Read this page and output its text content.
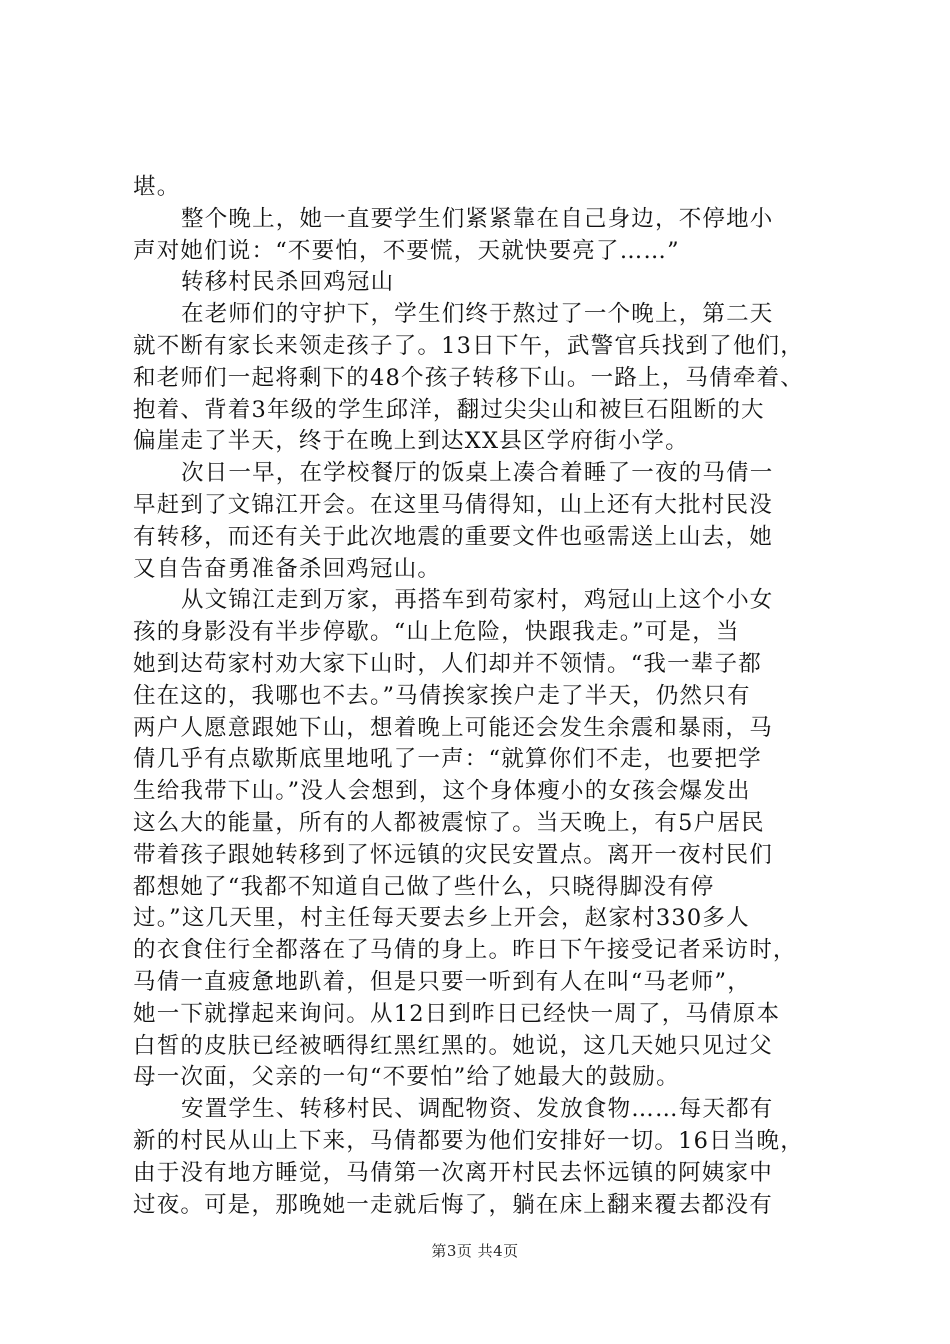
堪。
整个晚上，她一直要学生们紧紧靠在自己身边，不停地小
声对她们说：“不要怕，不要慌，天就快要亮了……”
转移村民杀回鸡冠山
在老师们的守护下，学生们终于熬过了一个晚上，第二天
就不断有家长来领走孩子了。13日下午，武警官兵找到了他们，
和老师们一起将剩下的48个孩子转移下山。一路上，马倩牵着、
抱着、背着3年级的学生邱洋，翻过尖尖山和被巨石阻断的大
偏崖走了半天，终于在晚上到达XX县区学府街小学。
次日一早，在学校餐厅的饭桌上凑合着睡了一夜的马倩一
早赶到了文锦江开会。在这里马倩得知，山上还有大批村民没
有转移，而还有关于此次地震的重要文件也亟需送上山去，她
又自告奋勇准备杀回鸡冠山。
从文锦江走到万家，再搭车到苟家村，鸡冠山上这个小女
孩的身影没有半步停歇。“山上危险，快跟我走。”可是，当
她到达苟家村劝大家下山时，人们却并不领情。“我一辈子都
住在这的，我哪也不去。”马倩挨家挨户走了半天，仍然只有
两户人愿意跟她下山，想着晚上可能还会发生余震和暴雨，马
倩几乎有点歇斯底里地吼了一声：“就算你们不走，也要把学
生给我带下山。”没人会想到，这个身体瘦小的女孩会爆发出
这么大的能量，所有的人都被震惊了。当天晚上，有5户居民
带着孩子跟她转移到了怀远镇的灾民安置点。离开一夜村民们
都想她了“我都不知道自己做了些什么，只晓得脚没有停
过。”这几天里，村主任每天要去乡上开会，赵家村330多人
的衣食住行全都落在了马倩的身上。昨日下午接受记者采访时，
马倩一直疲惫地趴着，但是只要一听到有人在叫“马老师”，
她一下就撑起来询问。从12日到昨日已经快一周了，马倩原本
白皙的皮肤已经被晒得红黑红黑的。她说，这几天她只见过父
母一次面，父亲的一句“不要怕”给了她最大的鼓励。
安置学生、转移村民、调配物资、发放食物……每天都有
新的村民从山上下来，马倩都要为他们安排好一切。16日当晚，
由于没有地方睡觉，马倩第一次离开村民去怀远镇的阿姨家中
过夜。可是，那晚她一走就后悔了，躺在床上翻来覆去都没有
第3页 共4页
